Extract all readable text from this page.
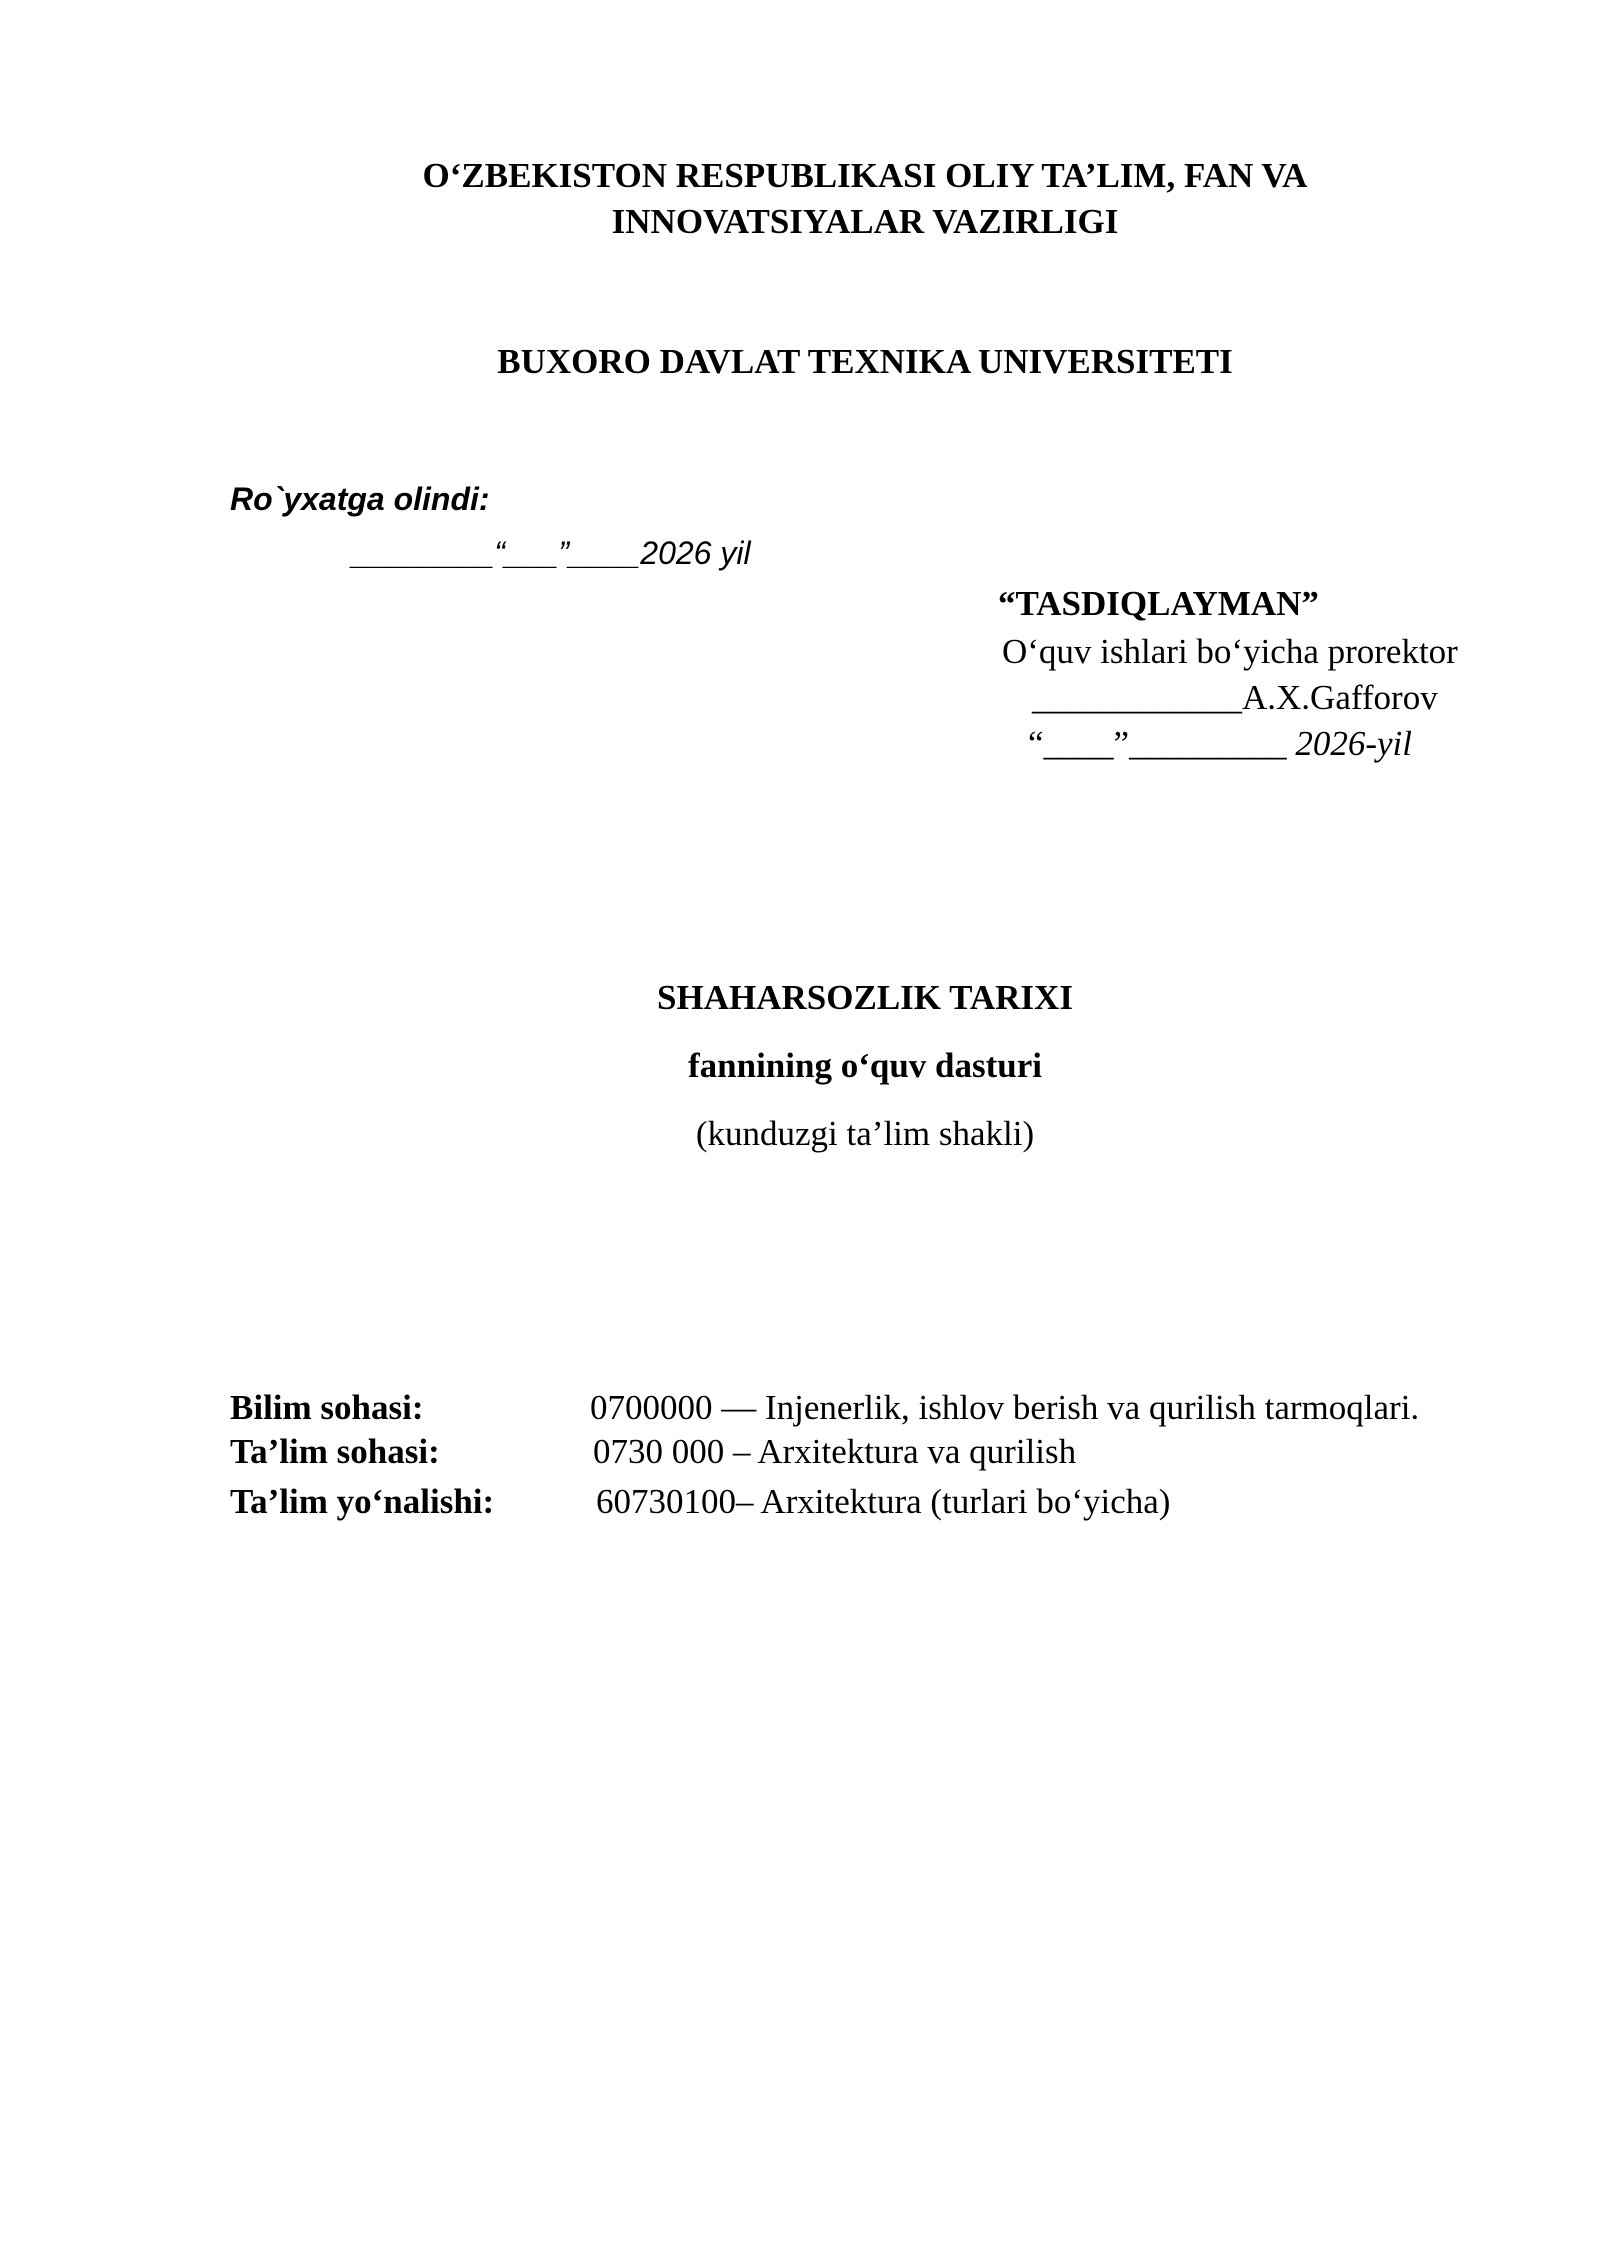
O‘ZBEKISTON RESPUBLIKASI OLIY TA’LIM, FAN VA
INNOVATSIYALAR VAZIRLIGI
BUXORO DAVLAT TEXNIKA UNIVERSITETI
Ro`yxatga olindi:
________“___”____2026 yil
“TASDIQLAYMAN”
O‘quv ishlari bo‘yicha prorektor
____________A.X.Gafforov
“____”_________ 2026-yil
SHAHARSOZLIK TARIXI
fannining o‘quv dasturi
(kunduzgi ta’lim shakli)
Bilim sohasi:	0700000 — Injenerlik, ishlov berish va qurilish tarmoqlari.
Ta’lim sohasi:	0730 000 – Arxitektura va qurilish
Ta’lim yo‘nalishi:	60730100– Arxitektura (turlari bo‘yicha)
